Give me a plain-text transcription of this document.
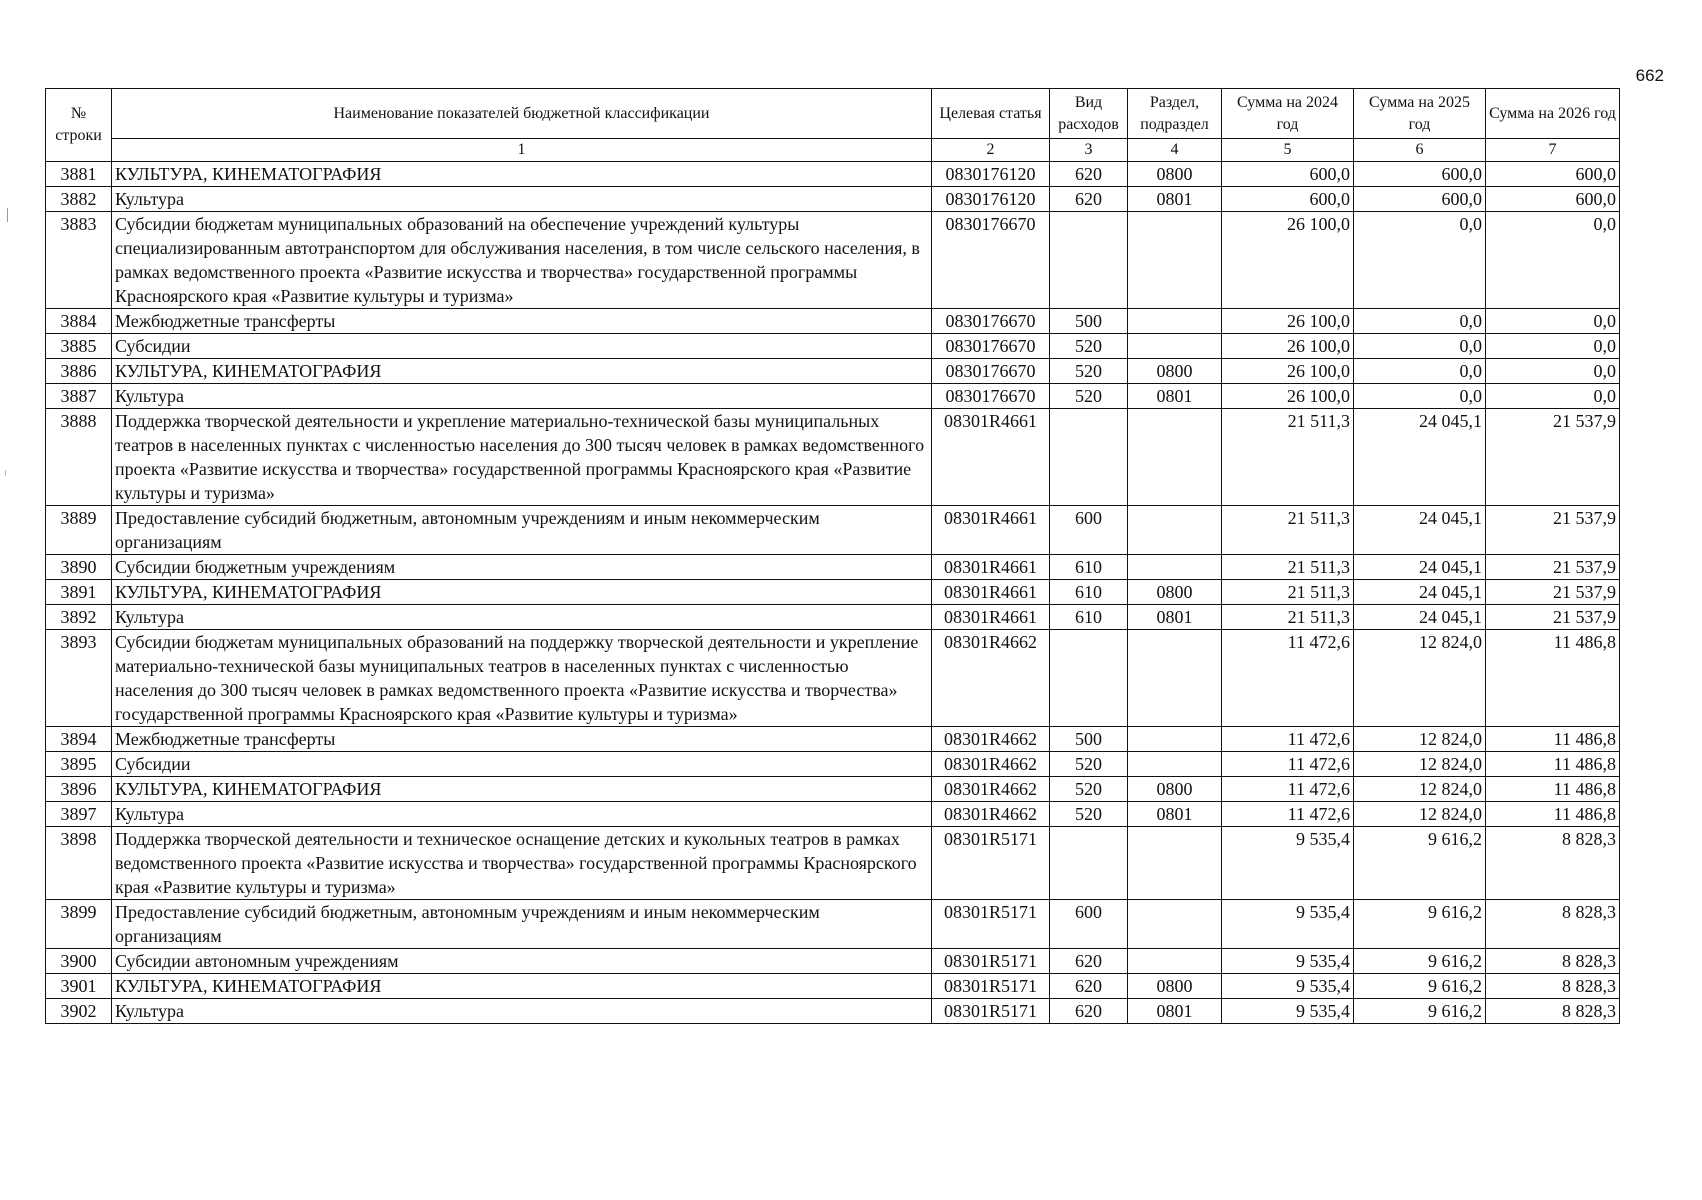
662
№ строки	Наименование показателей бюджетной классификации	Целевая статья	Вид расходов	Раздел, подраздел	Сумма на 2024 год	Сумма на 2025 год	Сумма на 2026 год
	1	2	3	4	5	6	7
3881	КУЛЬТУРА, КИНЕМАТОГРАФИЯ	0830176120	620	0800	600,0	600,0	600,0
3882	Культура	0830176120	620	0801	600,0	600,0	600,0
3883	Субсидии бюджетам муниципальных образований на обеспечение учреждений культуры специализированным автотранспортом для обслуживания населения, в том числе сельского населения, в рамках ведомственного проекта «Развитие искусства и творчества» государственной программы Красноярского края «Развитие культуры и туризма»	0830176670			26 100,0	0,0	0,0
3884	Межбюджетные трансферты	0830176670	500		26 100,0	0,0	0,0
3885	Субсидии	0830176670	520		26 100,0	0,0	0,0
3886	КУЛЬТУРА, КИНЕМАТОГРАФИЯ	0830176670	520	0800	26 100,0	0,0	0,0
3887	Культура	0830176670	520	0801	26 100,0	0,0	0,0
3888	Поддержка творческой деятельности и укрепление материально-технической базы муниципальных театров в населенных пунктах с численностью населения до 300 тысяч человек в рамках ведомственного проекта «Развитие искусства и творчества» государственной программы Красноярского края «Развитие культуры и туризма»	08301R4661			21 511,3	24 045,1	21 537,9
3889	Предоставление субсидий бюджетным, автономным учреждениям и иным некоммерческим организациям	08301R4661	600		21 511,3	24 045,1	21 537,9
3890	Субсидии бюджетным учреждениям	08301R4661	610		21 511,3	24 045,1	21 537,9
3891	КУЛЬТУРА, КИНЕМАТОГРАФИЯ	08301R4661	610	0800	21 511,3	24 045,1	21 537,9
3892	Культура	08301R4661	610	0801	21 511,3	24 045,1	21 537,9
3893	Субсидии бюджетам муниципальных образований на поддержку творческой деятельности и укрепление материально-технической базы муниципальных театров в населенных пунктах с численностью населения до 300 тысяч человек в рамках ведомственного проекта «Развитие искусства и творчества» государственной программы Красноярского края «Развитие культуры и туризма»	08301R4662			11 472,6	12 824,0	11 486,8
3894	Межбюджетные трансферты	08301R4662	500		11 472,6	12 824,0	11 486,8
3895	Субсидии	08301R4662	520		11 472,6	12 824,0	11 486,8
3896	КУЛЬТУРА, КИНЕМАТОГРАФИЯ	08301R4662	520	0800	11 472,6	12 824,0	11 486,8
3897	Культура	08301R4662	520	0801	11 472,6	12 824,0	11 486,8
3898	Поддержка творческой деятельности и техническое оснащение детских и кукольных театров в рамках ведомственного проекта «Развитие искусства и творчества» государственной программы Красноярского края «Развитие культуры и туризма»	08301R5171			9 535,4	9 616,2	8 828,3
3899	Предоставление субсидий бюджетным, автономным учреждениям и иным некоммерческим организациям	08301R5171	600		9 535,4	9 616,2	8 828,3
3900	Субсидии автономным учреждениям	08301R5171	620		9 535,4	9 616,2	8 828,3
3901	КУЛЬТУРА, КИНЕМАТОГРАФИЯ	08301R5171	620	0800	9 535,4	9 616,2	8 828,3
3902	Культура	08301R5171	620	0801	9 535,4	9 616,2	8 828,3
